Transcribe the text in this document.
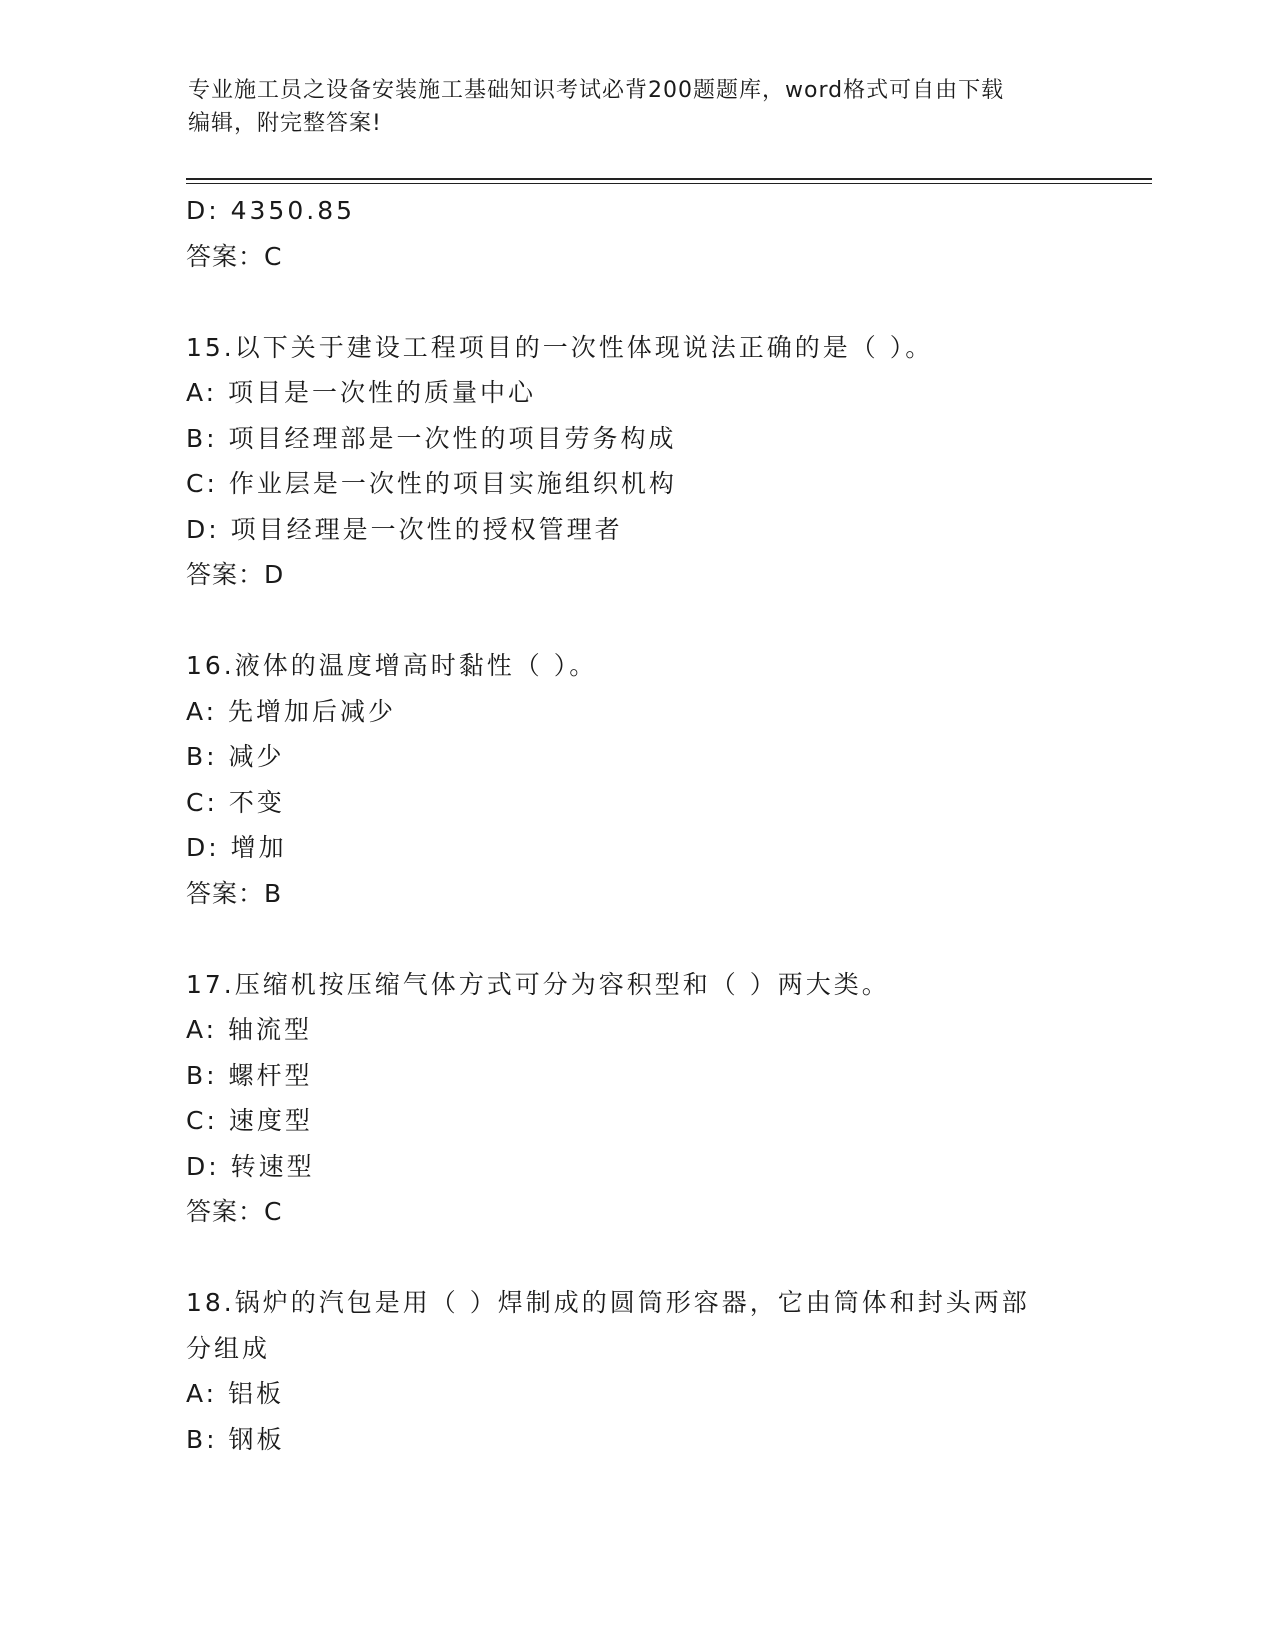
专业施工员之设备安装施工基础知识考试必背200题题库，word格式可自由下载
编辑，附完整答案!
D: 4350.85
答案：C
15.以下关于建设工程项目的一次性体现说法正确的是（ ）。
A: 项目是一次性的质量中心
B: 项目经理部是一次性的项目劳务构成
C: 作业层是一次性的项目实施组织机构
D: 项目经理是一次性的授权管理者
答案：D
16.液体的温度增高时黏性（ ）。
A: 先增加后减少
B: 减少
C: 不变
D: 增加
答案：B
17.压缩机按压缩气体方式可分为容积型和（ ）两大类。
A: 轴流型
B: 螺杆型
C: 速度型
D: 转速型
答案：C
18.锅炉的汽包是用（ ）焊制成的圆筒形容器，它由筒体和封头两部
分组成
A: 铝板
B: 钢板
